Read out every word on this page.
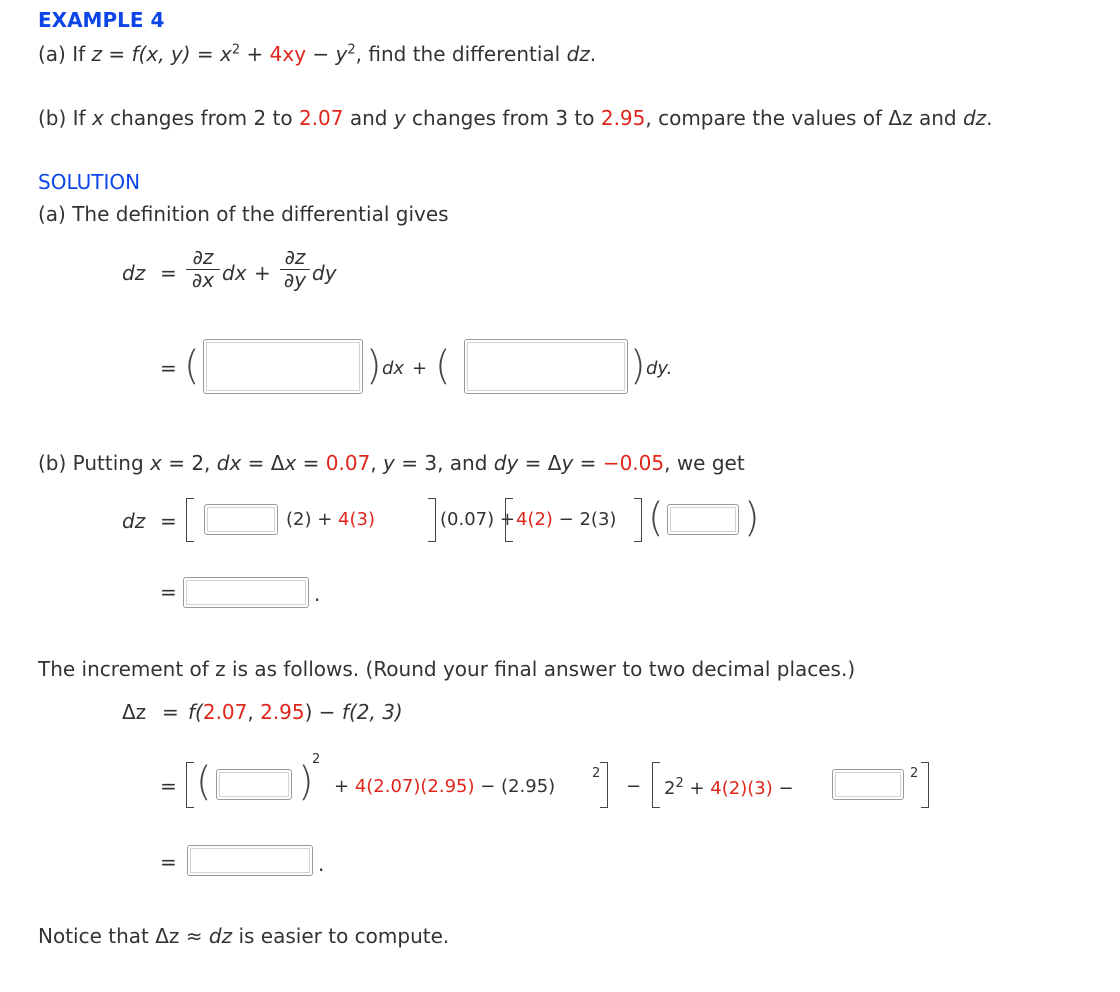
EXAMPLE 4
(a) If z = f(x, $y) = x^2 + 4xy - y^2$, find the differential dz.
(b) If x changes from 2 to 2.07 and y changes from 3 to 2.95, compare the values of Δz and dz.
SOLUTION
(a) The definition of the differential gives
dz =
∂z
∂x dx +
∂z
∂y dy
= (	) dx + (	) dy.
(b) Putting x = 2, dx = Δx = 0.07, y = 3, and dy = Δy = −0.05, we get
dz =	(2) + 4(3)	(0.07) + 4(2) − 2(3) ( )
=	.
The increment of z is as follows. (Round your final answer to two decimal places.)
Δz = f(2.07, 2.95) − f(2, 3)
= ( )
2
+ 4(2.07)(2.95) − (2.95)
2
− $2^2 + 4(2)(3)$ −
2
=	.
Notice that Δz ≈ dz is easier to compute.
